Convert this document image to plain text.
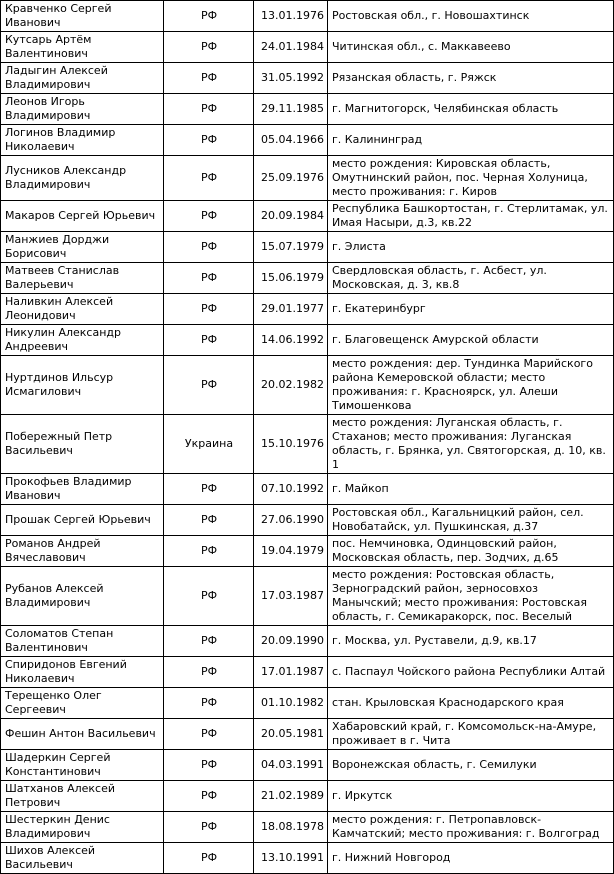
Кравченко Сергей Иванович	РФ	13.01.1976	Ростовская обл., г. Новошахтинск
Кутсарь Артём Валентинович	РФ	24.01.1984	Читинская обл., с. Маккавеево
Ладыгин Алексей Владимирович	РФ	31.05.1992	Рязанская область, г. Ряжск
Леонов Игорь Владимирович	РФ	29.11.1985	г. Магнитогорск, Челябинская область
Логинов Владимир Николаевич	РФ	05.04.1966	г. Калининград
Лусников Александр Владимирович	РФ	25.09.1976	место рождения: Кировская область, Омутнинский район, пос. Черная Холуница, место проживания: г. Киров
Макаров Сергей Юрьевич	РФ	20.09.1984	Республика Башкортостан, г. Стерлитамак, ул. Имая Насыри, д.3, кв.22
Манжиев Дорджи Борисович	РФ	15.07.1979	г. Элиста
Матвеев Станислав Валерьевич	РФ	15.06.1979	Свердловская область, г. Асбест, ул. Московская, д. 3, кв.8
Наливкин Алексей Леонидович	РФ	29.01.1977	г. Екатеринбург
Никулин Александр Андреевич	РФ	14.06.1992	г. Благовещенск Амурской области
Нуртдинов Ильсур Исмагилович	РФ	20.02.1982	место рождения: дер. Тундинка Марийского района Кемеровской области; место проживания: г. Красноярск, ул. Алеши Тимошенкова
Побережный Петр Васильевич	Украина	15.10.1976	место рождения: Луганская область, г. Стаханов; место проживания: Луганская область, г. Брянка, ул. Святогорская, д. 10, кв. 1
Прокофьев Владимир Иванович	РФ	07.10.1992	г. Майкоп
Прошак Сергей Юрьевич	РФ	27.06.1990	Ростовская обл., Кагальницкий район, сел. Новобатайск, ул. Пушкинская, д.37
Романов Андрей Вячеславович	РФ	19.04.1979	пос. Немчиновка, Одинцовский район, Московская область, пер. Зодчих, д.65
Рубанов Алексей Владимирович	РФ	17.03.1987	место рождения: Ростовская область, Зерноградский район, зерносовхоз Манычский; место проживания: Ростовская область, г. Семикаракорск, пос. Веселый
Соломатов Степан Валентинович	РФ	20.09.1990	г. Москва, ул. Руставели, д.9, кв.17
Спиридонов Евгений Николаевич	РФ	17.01.1987	с. Паспаул Чойского района Республики Алтай
Терещенко Олег Сергеевич	РФ	01.10.1982	стан. Крыловская Краснодарского края
Фешин Антон Васильевич	РФ	20.05.1981	Хабаровский край, г. Комсомольск-на-Амуре, проживает в г. Чита
Шадеркин Сергей Константинович	РФ	04.03.1991	Воронежская область, г. Семилуки
Шатханов Алексей Петрович	РФ	21.02.1989	г. Иркутск
Шестеркин Денис Владимирович	РФ	18.08.1978	место рождения: г. Петропавловск-Камчатский; место проживания: г. Волгоград
Шихов Алексей Васильевич	РФ	13.10.1991	г. Нижний Новгород
